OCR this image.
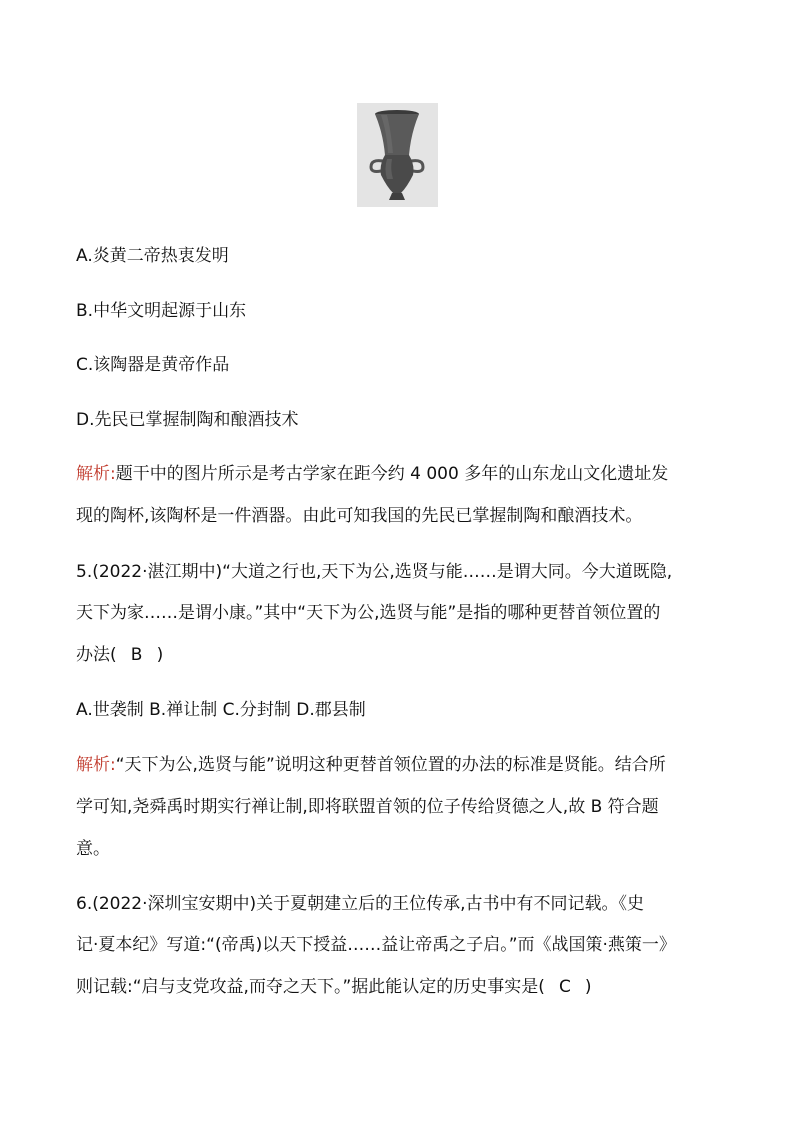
A.炎黄二帝热衷发明
B.中华文明起源于山东
C.该陶器是黄帝作品
D.先民已掌握制陶和酿酒技术
解析:题干中的图片所示是考古学家在距今约 4 000 多年的山东龙山文化遗址发
现的陶杯,该陶杯是一件酒器。由此可知我国的先民已掌握制陶和酿酒技术。
5.(2022·湛江期中)“大道之行也,天下为公,选贤与能……是谓大同。今大道既隐,
天下为家……是谓小康。”其中“天下为公,选贤与能”是指的哪种更替首领位置的
办法( B )
A.世袭制 B.禅让制 C.分封制 D.郡县制
解析:“天下为公,选贤与能”说明这种更替首领位置的办法的标准是贤能。结合所
学可知,尧舜禹时期实行禅让制,即将联盟首领的位子传给贤德之人,故 B 符合题
意。
6.(2022·深圳宝安期中)关于夏朝建立后的王位传承,古书中有不同记载。《史
记·夏本纪》写道:“(帝禹)以天下授益……益让帝禹之子启。”而《战国策·燕策一》
则记载:“启与支党攻益,而夺之天下。”据此能认定的历史事实是( C )
